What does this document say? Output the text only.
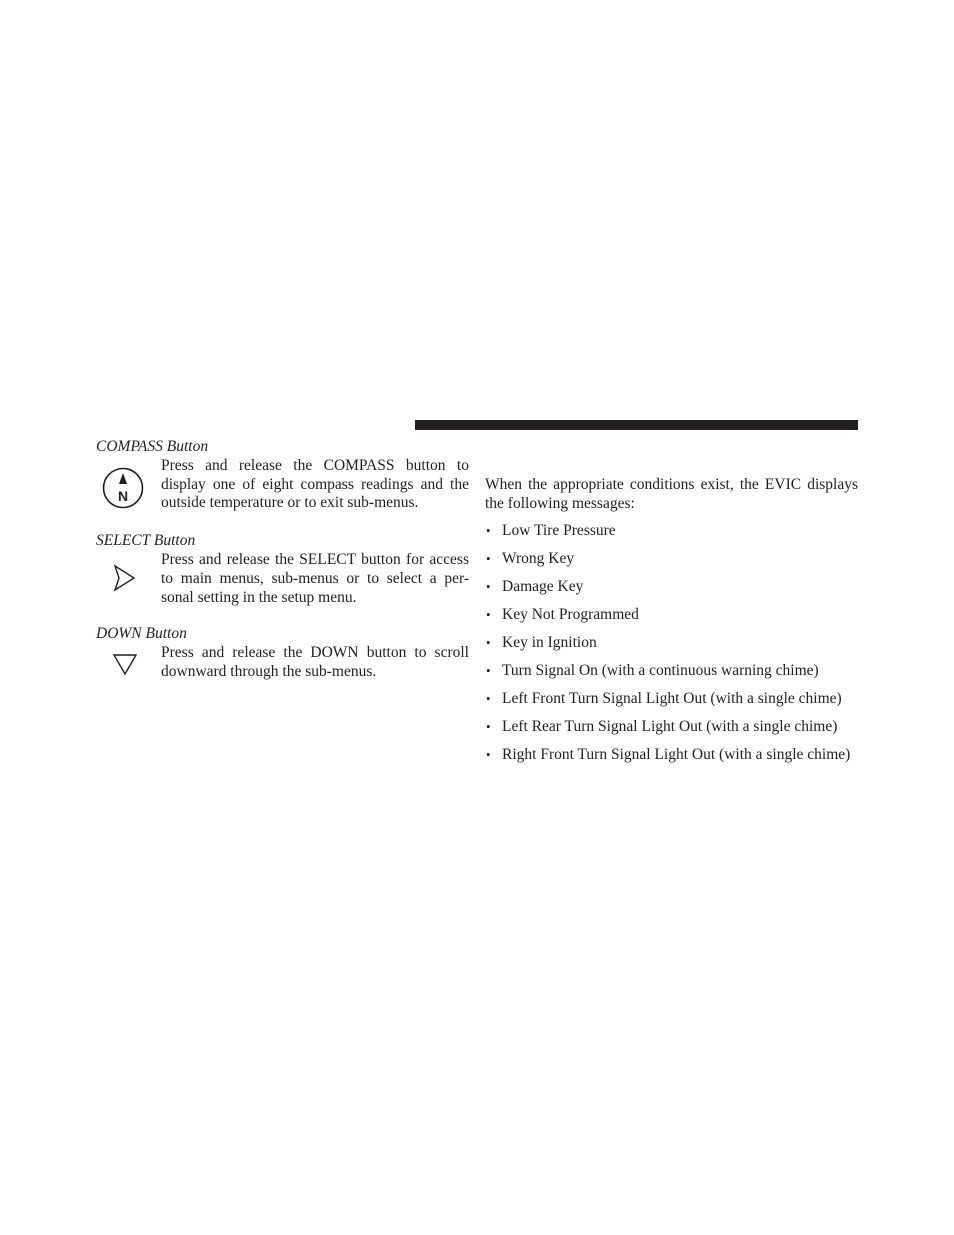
COMPASS Button

N

Press and release the COMPASS button to display one of eight compass readings and the outside temperature or to exit sub-menus.

SELECT Button

Press and release the SELECT button for access to main menus, sub-menus or to select a per-sonal setting in the setup menu.

DOWN Button

Press and release the DOWN button to scroll downward through the sub-menus.

When the appropriate conditions exist, the EVIC displays the following messages:

• Low Tire Pressure
• Wrong Key
• Damage Key
• Key Not Programmed
• Key in Ignition
• Turn Signal On (with a continuous warning chime)
• Left Front Turn Signal Light Out (with a single chime)
• Left Rear Turn Signal Light Out (with a single chime)
• Right Front Turn Signal Light Out (with a single chime)
